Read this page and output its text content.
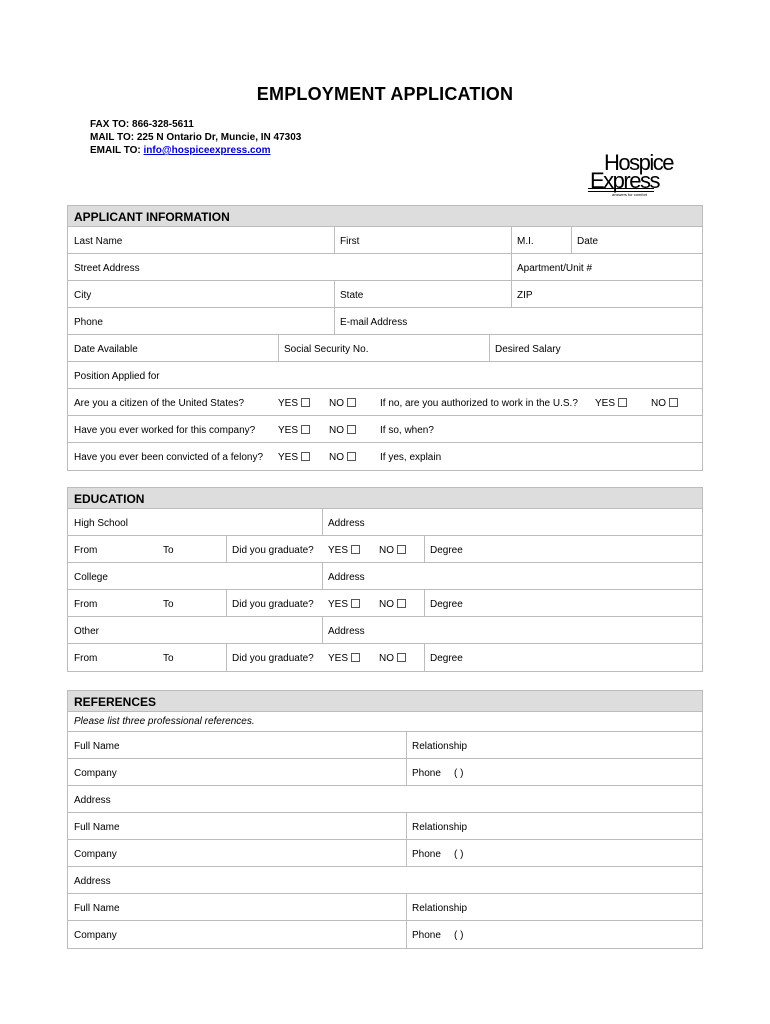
EMPLOYMENT APPLICATION
FAX TO: 866-328-5611
MAIL TO: 225 N Ontario Dr, Muncie, IN 47303
EMAIL TO: info@hospiceexpress.com	Hospice
Express
answers for comfort
APPLICANT INFORMATION
Last Name	First	M.I.	Date
Street Address	Apartment/Unit #
City	State	ZIP
Phone	E-mail Address
Date Available	Social Security No.	Desired Salary
Position Applied for
Are you a citizen of the United States?	YES	NO	If no, are you authorized to work in the U.S.?	YES	NO
Have you ever worked for this company?	YES	NO	If so, when?
Have you ever been convicted of a felony?	YES	NO	If yes, explain
EDUCATION
High School	Address
From	To	Did you graduate?	YES	NO	Degree
College	Address
From	To	Did you graduate?	YES	NO	Degree
Other	Address
From	To	Did you graduate?	YES	NO	Degree
REFERENCES
Please list three professional references.
Full Name	Relationship
Company	Phone	( )
Address
Full Name	Relationship
Company	Phone	( )
Address
Full Name	Relationship
Company	Phone	( )
